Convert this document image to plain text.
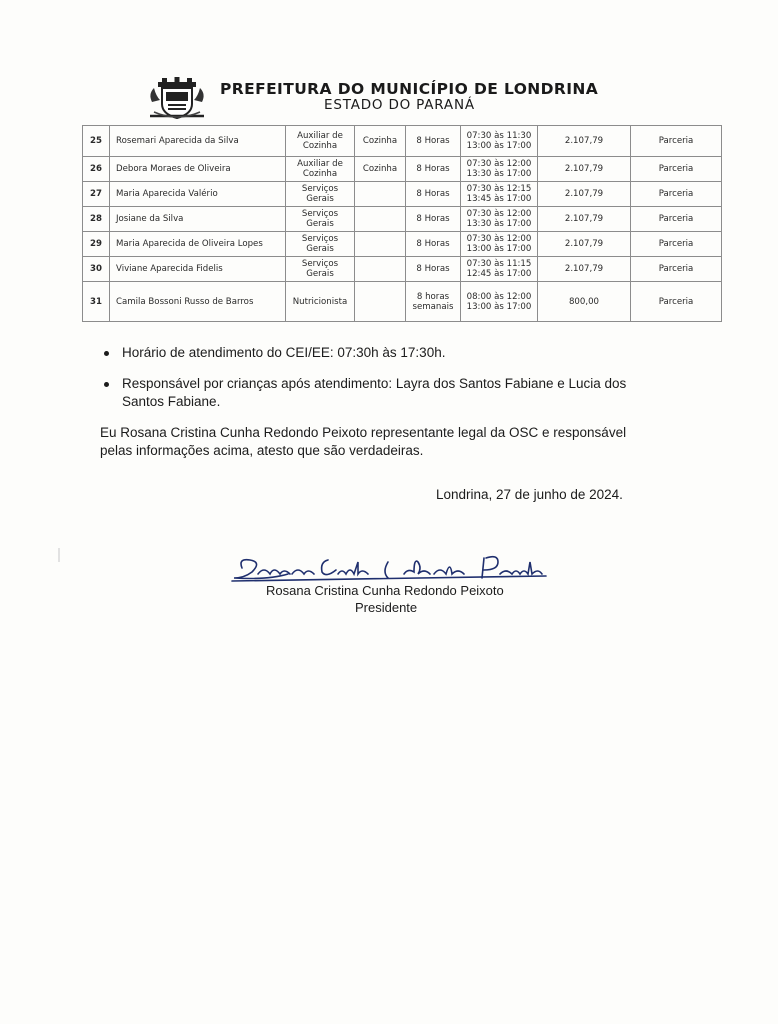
PREFEITURA DO MUNICÍPIO DE LONDRINA
ESTADO DO PARANÁ
25	Rosemari Aparecida da Silva	Auxiliar de
Cozinha	Cozinha	8 Horas	07:30 às 11:30
13:00 às 17:00	2.107,79	Parceria
26	Debora Moraes de Oliveira	Auxiliar de
Cozinha	Cozinha	8 Horas	07:30 às 12:00
13:30 às 17:00	2.107,79	Parceria
27	Maria Aparecida Valério	Serviços
Gerais		8 Horas	07:30 às 12:15
13:45 às 17:00	2.107,79	Parceria
28	Josiane da Silva	Serviços
Gerais		8 Horas	07:30 às 12:00
13:30 às 17:00	2.107,79	Parceria
29	Maria Aparecida de Oliveira Lopes	Serviços
Gerais		8 Horas	07:30 às 12:00
13:00 às 17:00	2.107,79	Parceria
30	Viviane Aparecida Fidelis	Serviços
Gerais		8 Horas	07:30 às 11:15
12:45 às 17:00	2.107,79	Parceria
31	Camila Bossoni Russo de Barros	Nutricionista		8 horas
semanais	08:00 às 12:00
13:00 às 17:00	800,00	Parceria
Horário de atendimento do CEI/EE: 07:30h às 17:30h.
Responsável por crianças após atendimento: Layra dos Santos Fabiane e Lucia dos Santos Fabiane.
Eu Rosana Cristina Cunha Redondo Peixoto representante legal da OSC e responsável pelas informações acima, atesto que são verdadeiras.
Londrina, 27 de junho de 2024.
Rosana Cristina Cunha Redondo Peixoto
Presidente
